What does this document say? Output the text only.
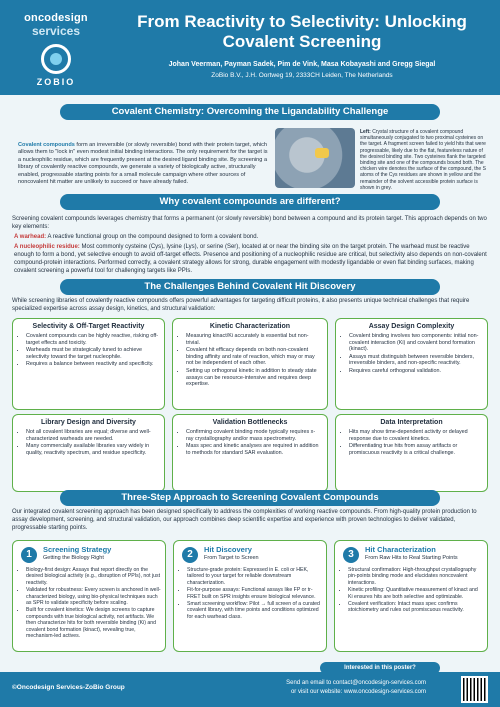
oncodesign
services
ZOBIO
From Reactivity to Selectivity: Unlocking Covalent Screening
Johan Veerman, Payman Sadek, Pim de Vink, Masa Kobayashi and Gregg Siegal
ZoBio B.V., J.H. Oortweg 19, 2333CH Leiden, The Netherlands
Covalent Chemistry: Overcoming the Ligandability Challenge
Covalent compounds form an irreversible (or slowly reversible) bond with their protein target, which allows them to "lock in" even modest initial binding interactions. The only requirement for the target is a nucleophilic residue, which are frequently present at the desired ligand binding site. By screening a library of covalently reactive compounds, we generate a variety of biologically active, structurally enabled, progressable starting points for a small molecule campaign where other sources of noncovalent hit matter are unlikely to succeed or have already failed.
Left: Crystal structure of a covalent compound simultaneously conjugated to two proximal cysteines on the target. A fragment screen failed to yield hits that were progressable, likely due to the flat, featureless nature of the desired binding site. Two cysteines flank the targeted binding site and one of the compounds bound both. The chicken wire denotes the surface of the compound, the S atoms of the Cys residues are shown in yellow and the remainder of the solvent accessible protein surface is shown in grey.
Why covalent compounds are different?
Screening covalent compounds leverages chemistry that forms a permanent (or slowly reversible) bond between a compound and its protein target. This approach depends on two key elements:
A warhead: A reactive functional group on the compound designed to form a covalent bond.
A nucleophilic residue: Most commonly cysteine (Cys), lysine (Lys), or serine (Ser), located at or near the binding site on the target protein. The warhead must be reactive enough to form a bond, yet selective enough to avoid off-target effects. Presence and positioning of a nucleophilic residue are critical, but selectivity also depends on non-covalent compound-protein interactions. Performed correctly, a covalent strategy allows for strong, durable engagement with modestly ligandable or even flat binding surfaces, making covalent screening a powerful tool for challenging targets like PPIs.
The Challenges Behind Covalent Hit Discovery
While screening libraries of covalently reactive compounds offers powerful advantages for targeting difficult proteins, it also presents unique technical challenges that require specialized expertise across assay design, kinetics, and structural validation:
Selectivity & Off-Target Reactivity
• Covalent compounds can be highly reactive, risking off-target effects and toxicity.
• Warheads must be strategically tuned to achieve selectivity toward the target nucleophile.
• Requires a balance between reactivity and specificity.
Kinetic Characterization
• Measuring kinact/Ki accurately is essential but non-trivial.
• Covalent hit efficacy depends on both non-covalent binding affinity and rate of reaction, which may or may not be independent of each other.
• Setting up orthogonal kinetic in addition to steady state assays can be resource-intensive and requires deep expertise.
Assay Design Complexity
• Covalent binding involves two components: initial non-covalent interaction (Ki) and covalent bond formation (kinact).
• Assays must distinguish between reversible binders, irreversible binders, and non-specific reactivity.
• Requires careful orthogonal validation.
Library Design and Diversity
• Not all covalent libraries are equal; diverse and well-characterized warheads are needed.
• Many commercially available libraries vary widely in quality, reactivity spectrum, and residue specificity.
Validation Bottlenecks
• Confirming covalent binding mode typically requires x-ray crystallography and/or mass spectrometry.
• Mass spec and kinetic analyses are required in addition to methods for standard SAR evaluation.
Data Interpretation
• Hits may show time-dependent activity or delayed response due to covalent kinetics.
• Differentiating true hits from assay artifacts or promiscuous reactivity is a critical challenge.
Three-Step Approach to Screening Covalent Compounds
Our integrated covalent screening approach has been designed specifically to address the complexities of working reactive compounds. From high-quality protein production to assay development, screening, and structural validation, our approach combines deep scientific expertise and experience with proven technologies to deliver validated, progressable starting points.
1	Screening Strategy
Getting the Biology Right
• Biology-first design: Assays that report directly on the desired biological activity (e.g., disruption of PPIs), not just reactivity.
• Validated for robustness: Every screen is anchored in well-characterized biology, using bio-physical techniques such as SPR to validate specificity before scaling.
• Built for covalent kinetics: We design screens to capture compounds with true biological activity, not artifacts. We then characterize hits for both reversible binding (Ki) and covalent bond formation (kinact), revealing true, mechanism-led actives.
2	Hit Discovery
From Target to Screen
• Structure-grade protein: Expressed in E. coli or HEK, tailored to your target for reliable downstream characterization.
• Fit-for-purpose assays: Functional assays like FP or tr-FRET built on SPR insights ensure biological relevance.
• Smart screening workflow: Pilot → full screen of a curated covalent library, with time points and conditions optimized for each warhead class.
3	Hit Characterization
From Raw Hits to Real Starting Points
• Structural confirmation: High-throughput crystallography pin-points binding mode and elucidates noncovalent interactions.
• Kinetic profiling: Quantitative measurement of kinact and Ki ensures hits are both selective and optimizable.
• Covalent verification: Intact mass spec confirms stoichiometry and rules out promiscuous reactivity.
Interested in this poster?
©Oncodesign Services-ZoBio Group
Send an email to contact@oncodesign-services.com
or visit our website: www.oncodesign-services.com
